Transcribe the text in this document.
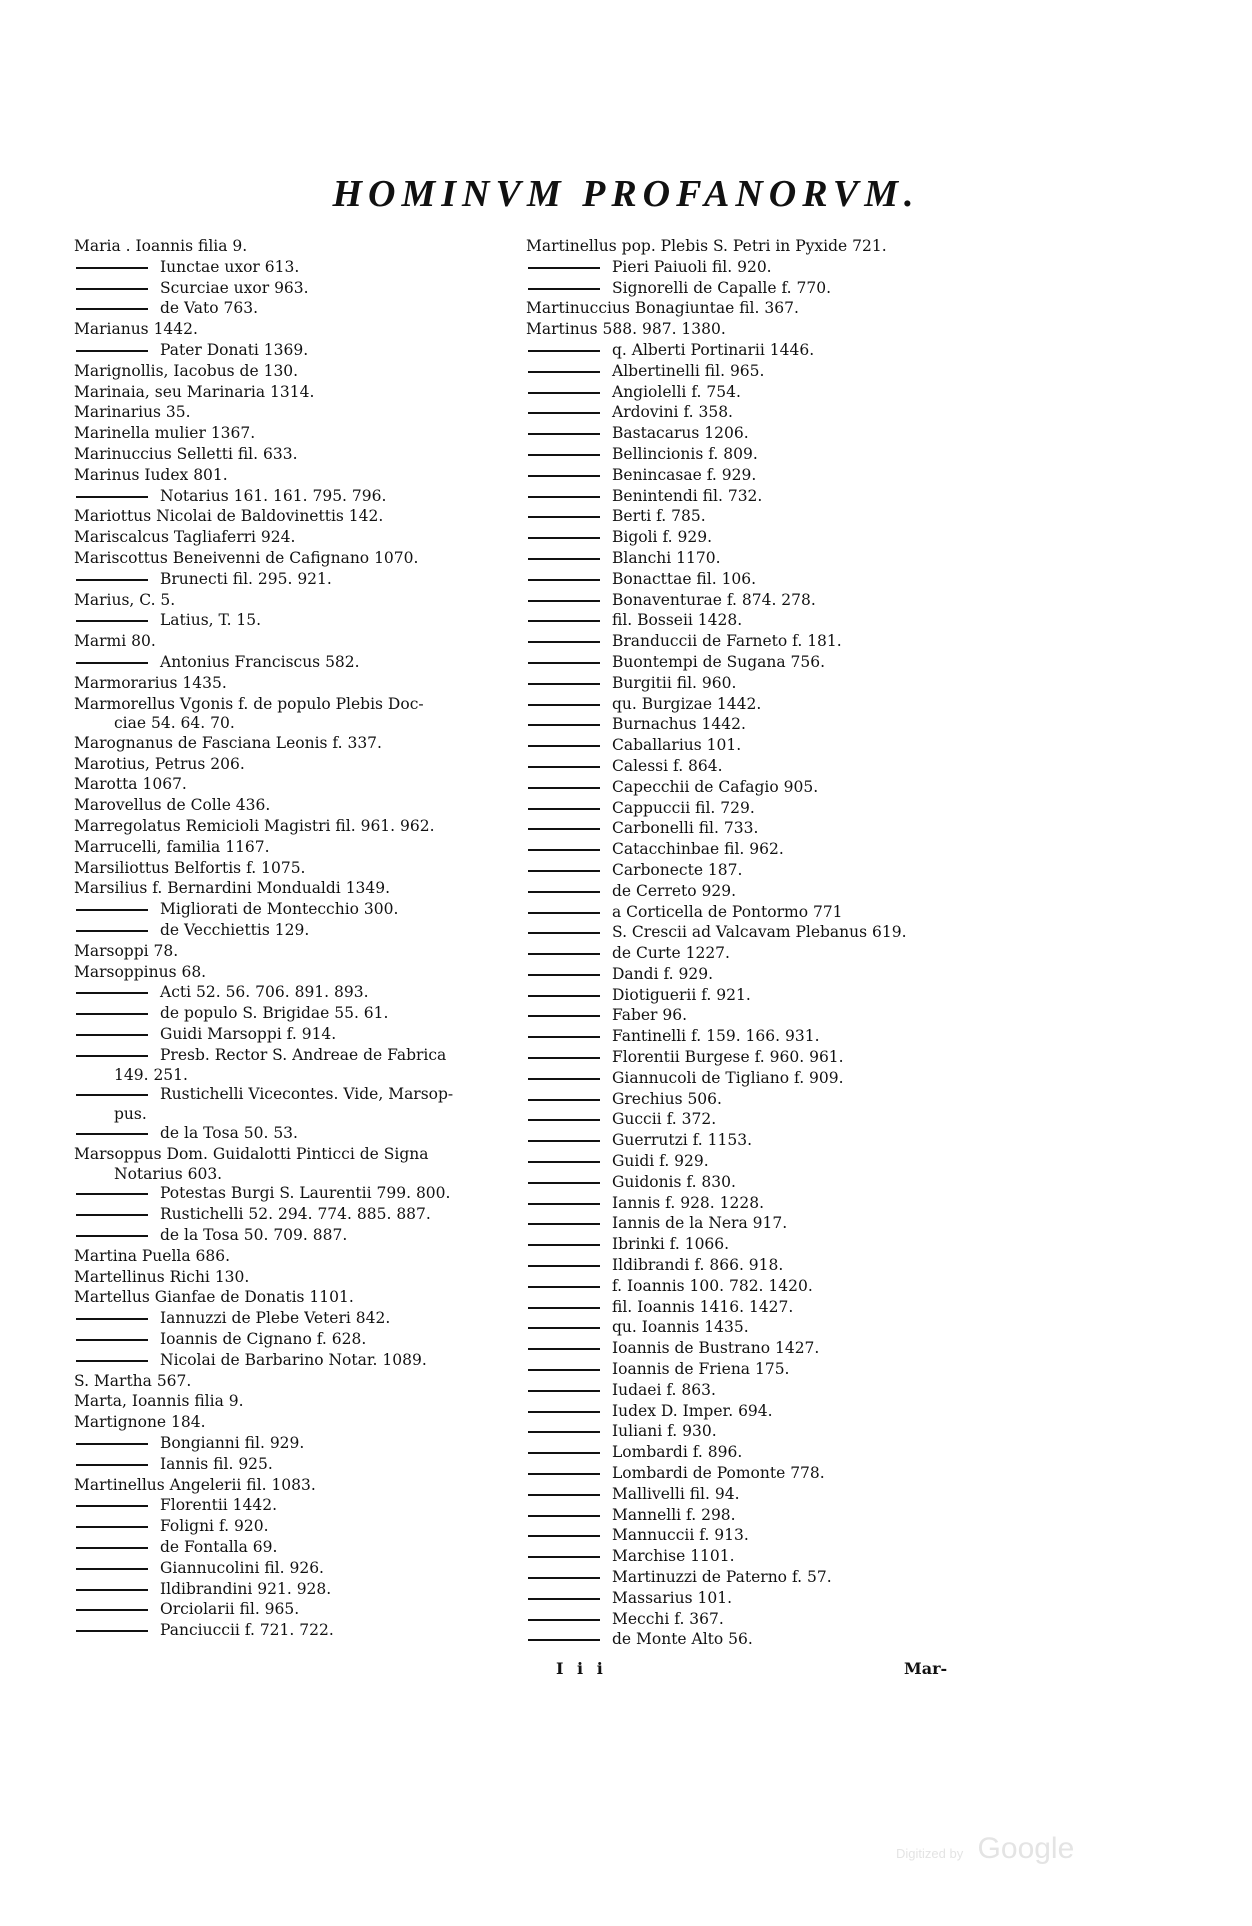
HOMINVM PROFANORVM.
Maria . Ioannis filia 9.
Iunctae uxor 613.
Scurciae uxor 963.
de Vato 763.
Marianus 1442.
Pater Donati 1369.
Marignollis, Iacobus de 130.
Marinaia, seu Marinaria 1314.
Marinarius 35.
Marinella mulier 1367.
Marinuccius Selletti fil. 633.
Marinus Iudex 801.
Notarius 161. 161. 795. 796.
Mariottus Nicolai de Baldovinettis 142.
Mariscalcus Tagliaferri 924.
Mariscottus Beneivenni de Cafignano 1070.
Brunecti fil. 295. 921.
Marius, C. 5.
Latius, T. 15.
Marmi 80.
Antonius Franciscus 582.
Marmorarius 1435.
Marmorellus Vgonis f. de populo Plebis Doc-
ciae 54. 64. 70.
Marognanus de Fasciana Leonis f. 337.
Marotius, Petrus 206.
Marotta 1067.
Marovellus de Colle 436.
Marregolatus Remicioli Magistri fil. 961. 962.
Marrucelli, familia 1167.
Marsiliottus Belfortis f. 1075.
Marsilius f. Bernardini Mondualdi 1349.
Migliorati de Montecchio 300.
de Vecchiettis 129.
Marsoppi 78.
Marsoppinus 68.
Acti 52. 56. 706. 891. 893.
de populo S. Brigidae 55. 61.
Guidi Marsoppi f. 914.
Presb. Rector S. Andreae de Fabrica
149. 251.
Rustichelli Vicecontes. Vide, Marsop-
pus.
de la Tosa 50. 53.
Marsoppus Dom. Guidalotti Pinticci de Signa
Notarius 603.
Potestas Burgi S. Laurentii 799. 800.
Rustichelli 52. 294. 774. 885. 887.
de la Tosa 50. 709. 887.
Martina Puella 686.
Martellinus Richi 130.
Martellus Gianfae de Donatis 1101.
Iannuzzi de Plebe Veteri 842.
Ioannis de Cignano f. 628.
Nicolai de Barbarino Notar. 1089.
S. Martha 567.
Marta, Ioannis filia 9.
Martignone 184.
Bongianni fil. 929.
Iannis fil. 925.
Martinellus Angelerii fil. 1083.
Florentii 1442.
Foligni f. 920.
de Fontalla 69.
Giannucolini fil. 926.
Ildibrandini 921. 928.
Orciolarii fil. 965.
Panciuccii f. 721. 722.
Martinellus pop. Plebis S. Petri in Pyxide 721.
Pieri Paiuoli fil. 920.
Signorelli de Capalle f. 770.
Martinuccius Bonagiuntae fil. 367.
Martinus 588. 987. 1380.
q. Alberti Portinarii 1446.
Albertinelli fil. 965.
Angiolelli f. 754.
Ardovini f. 358.
Bastacarus 1206.
Bellincionis f. 809.
Benincasae f. 929.
Benintendi fil. 732.
Berti f. 785.
Bigoli f. 929.
Blanchi 1170.
Bonacttae fil. 106.
Bonaventurae f. 874. 278.
fil. Bosseii 1428.
Branduccii de Farneto f. 181.
Buontempi de Sugana 756.
Burgitii fil. 960.
qu. Burgizae 1442.
Burnachus 1442.
Caballarius 101.
Calessi f. 864.
Capecchii de Cafagio 905.
Cappuccii fil. 729.
Carbonelli fil. 733.
Catacchinbae fil. 962.
Carbonecte 187.
de Cerreto 929.
a Corticella de Pontormo 771
S. Crescii ad Valcavam Plebanus 619.
de Curte 1227.
Dandi f. 929.
Diotiguerii f. 921.
Faber 96.
Fantinelli f. 159. 166. 931.
Florentii Burgese f. 960. 961.
Giannucoli de Tigliano f. 909.
Grechius 506.
Guccii f. 372.
Guerrutzi f. 1153.
Guidi f. 929.
Guidonis f. 830.
Iannis f. 928. 1228.
Iannis de la Nera 917.
Ibrinki f. 1066.
Ildibrandi f. 866. 918.
f. Ioannis 100. 782. 1420.
fil. Ioannis 1416. 1427.
qu. Ioannis 1435.
Ioannis de Bustrano 1427.
Ioannis de Friena 175.
Iudaei f. 863.
Iudex D. Imper. 694.
Iuliani f. 930.
Lombardi f. 896.
Lombardi de Pomonte 778.
Mallivelli fil. 94.
Mannelli f. 298.
Mannuccii f. 913.
Marchise 1101.
Martinuzzi de Paterno f. 57.
Massarius 101.
Mecchi f. 367.
de Monte Alto 56.
I i i	Mar-
Digitized by Google
